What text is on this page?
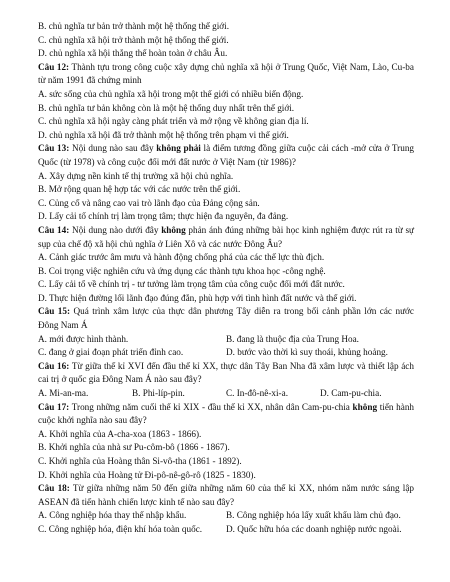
B. chủ nghĩa tư bản trở thành một hệ thống thế giới.
C. chủ nghĩa xã hội trở thành một hệ thống thế giới.
D. chủ nghĩa xã hội thắng thế hoàn toàn ở châu Âu.
Câu 12: Thành tựu trong công cuộc xây dựng chủ nghĩa xã hội ở Trung Quốc, Việt Nam, Lào, Cu-ba từ năm 1991 đã chứng minh
A. sức sống của chủ nghĩa xã hội trong một thế giới có nhiều biến động.
B. chủ nghĩa tư bản không còn là một hệ thống duy nhất trên thế giới.
C. chủ nghĩa xã hội ngày càng phát triển và mở rộng về không gian địa lí.
D. chủ nghĩa xã hội đã trở thành một hệ thống trên phạm vi thế giới.
Câu 13: Nội dung nào sau đây không phải là điểm tương đồng giữa cuộc cải cách -mở cửa ở Trung Quốc (từ 1978) và công cuộc đổi mới đất nước ở Việt Nam (từ 1986)?
A. Xây dựng nền kinh tế thị trường xã hội chủ nghĩa.
B. Mở rộng quan hệ hợp tác với các nước trên thế giới.
C. Củng cố và nâng cao vai trò lãnh đạo của Đảng cộng sản.
D. Lấy cải tổ chính trị làm trọng tâm; thực hiện đa nguyên, đa đảng.
Câu 14: Nội dung nào dưới đây không phản ánh đúng những bài học kinh nghiệm được rút ra từ sự sụp của chế độ xã hội chủ nghĩa ở Liên Xô và các nước Đông Âu?
A. Cảnh giác trước âm mưu và hành động chống phá của các thế lực thù địch.
B. Coi trọng việc nghiên cứu và ứng dụng các thành tựu khoa học -công nghệ.
C. Lấy cải tổ về chính trị - tư tưởng làm trọng tâm của công cuộc đổi mới đất nước.
D. Thực hiện đường lối lãnh đạo đúng đắn, phù hợp với tình hình đất nước và thế giới.
Câu 15: Quá trình xâm lược của thực dân phương Tây diễn ra trong bối cảnh phần lớn các nước Đông Nam Á
A. mới được hình thành.	B. đang là thuộc địa của Trung Hoa.
C. đang ở giai đoạn phát triển đỉnh cao.	D. bước vào thời kì suy thoái, khủng hoảng.
Câu 16: Từ giữa thế kỉ XVI đến đầu thế kỉ XX, thực dân Tây Ban Nha đã xâm lược và thiết lập ách cai trị ở quốc gia Đông Nam Á nào sau đây?
A. Mi-an-ma.	B. Phi-líp-pin.	C. In-đô-nê-xi-a.	D. Cam-pu-chia.
Câu 17: Trong những năm cuối thế kỉ XIX - đầu thế kỉ XX, nhân dân Cam-pu-chia không tiến hành cuộc khởi nghĩa nào sau đây?
A. Khởi nghĩa của A-cha-xoa (1863 - 1866).
B. Khởi nghĩa của nhà sư Pu-côm-bô (1866 - 1867).
C. Khởi nghĩa của Hoàng thân Si-vô-tha (1861 - 1892).
D. Khởi nghĩa của Hoàng tử Đi-pô-nê-gô-rô (1825 - 1830).
Câu 18: Từ giữa những năm 50 đến giữa những năm 60 của thế kỉ XX, nhóm năm nước sáng lập ASEAN đã tiến hành chiến lược kinh tế nào sau đây?
A. Công nghiệp hóa thay thế nhập khẩu.	B. Công nghiệp hóa lấy xuất khẩu làm chủ đạo.
C. Công nghiệp hóa, điện khí hóa toàn quốc.	D. Quốc hữu hóa các doanh nghiệp nước ngoài.
